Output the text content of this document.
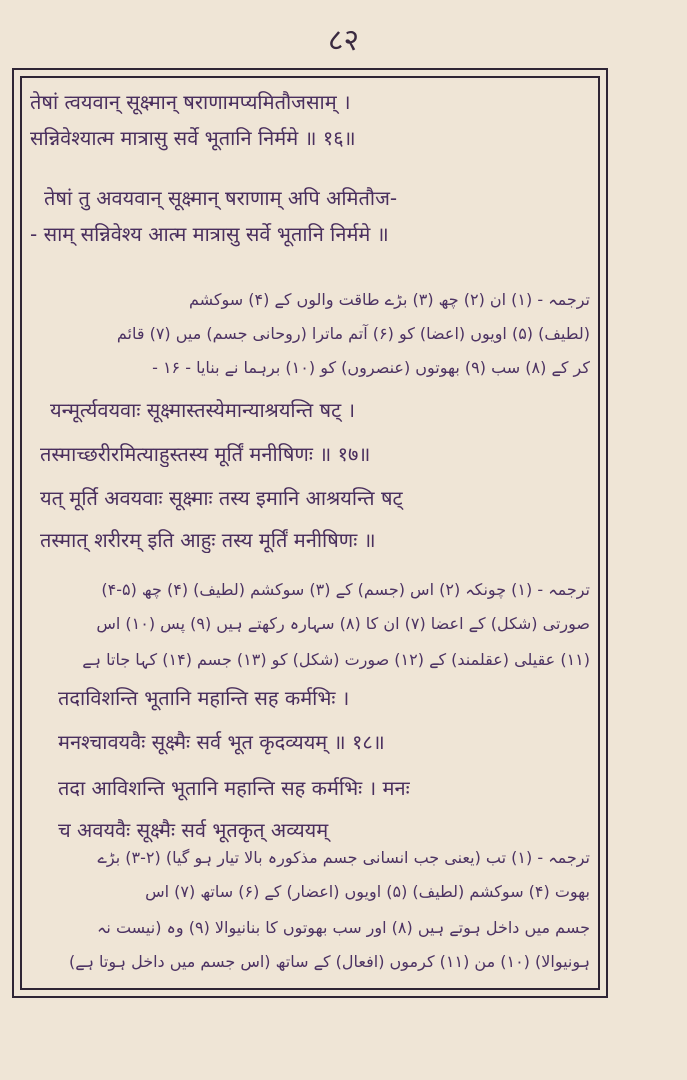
८२
तेषां त्वयवान् सूक्ष्मान् षराणामप्यमितौजसाम् ।
सन्निवेश्यात्म मात्रासु सर्वे भूतानि निर्ममे ॥ १६॥
तेषां तु अवयवान् सूक्ष्मान् षराणाम् अपि अमितौज-
- साम् सन्निवेश्य आत्म मात्रासु सर्वे भूतानि निर्ममे ॥
ترجمہ - (۱) ان (۲) چھ (۳) بڑے طاقت والوں کے (۴) سوکشم
(لطیف) (۵) اویوں (اعضا) کو (۶) آتم ماترا (روحانی جسم) میں (۷) قائم
کر کے (۸) سب (۹) بھوتوں (عنصروں) کو (۱۰) برہما نے بنایا - ۱۶ -
यन्मूर्त्यवयवाः सूक्ष्मास्तस्येमान्याश्रयन्ति षट् ।
तस्माच्छरीरमित्याहुस्तस्य मूर्तिं मनीषिणः ॥ १७॥
यत् मूर्ति अवयवाः सूक्ष्माः तस्य इमानि आश्रयन्ति षट्
तस्मात् शरीरम् इति आहुः तस्य मूर्तिं मनीषिणः ॥
ترجمہ - (۱) چونکہ (۲) اس (جسم) کے (۳) سوکشم (لطیف) (۴) چھ (۵-۴)
صورتی (شکل) کے اعضا (۷) ان کا (۸) سہارہ رکھتے ہیں (۹) پس (۱۰) اس
(۱۱) عقیلی (عقلمند) کے (۱۲) صورت (شکل) کو (۱۳) جسم (۱۴) کہا جاتا ہے
तदाविशन्ति भूतानि महान्ति सह कर्मभिः ।
मनश्चावयवैः सूक्ष्मैः सर्व भूत कृदव्ययम् ॥ १८॥
तदा आविशन्ति भूतानि महान्ति सह कर्मभिः । मनः
च अवयवैः सूक्ष्मैः सर्व भूतकृत् अव्ययम्
ترجمہ - (۱) تب (یعنی جب انسانی جسم مذکورہ بالا تیار ہو گیا) (۲-۳) بڑے
بھوت (۴) سوکشم (لطیف) (۵) اویوں (اعضار) کے (۶) ساتھ (۷) اس
جسم میں داخل ہوتے ہیں (۸) اور سب بھوتوں کا بنانیوالا (۹) وہ (نیست نہ
ہونیوالا) (۱۰) من (۱۱) کرموں (افعال) کے ساتھ (اس جسم میں داخل ہوتا ہے)
